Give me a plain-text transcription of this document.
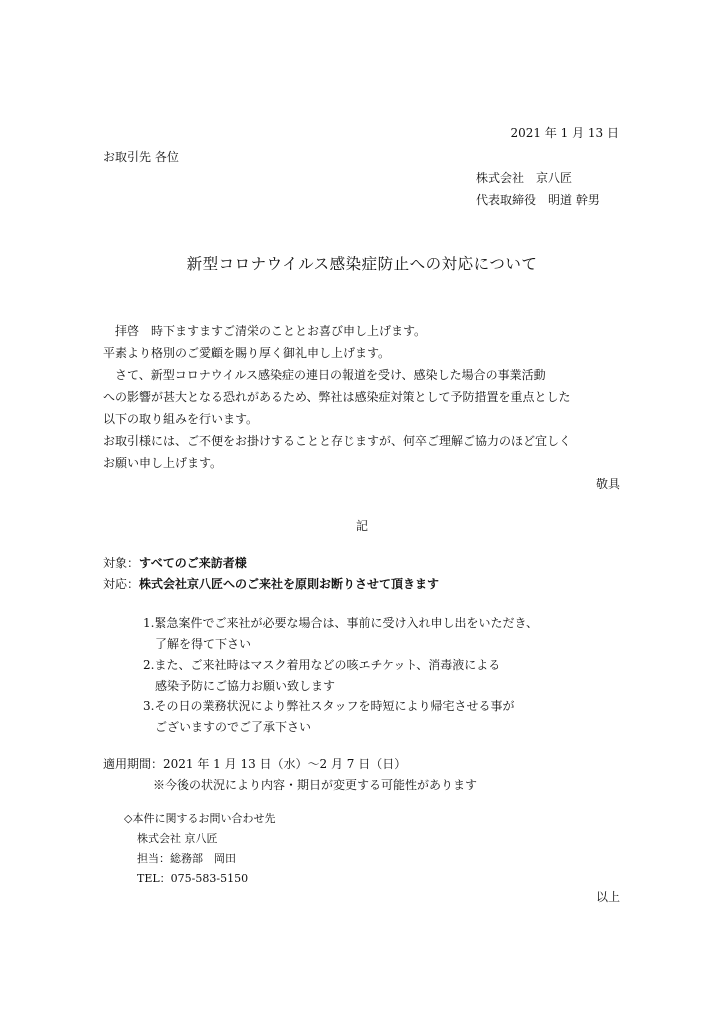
2021 年 1 月 13 日
お取引先 各位
株式会社　京八匠
代表取締役　明道 幹男
新型コロナウイルス感染症防止への対応について
　拝啓　時下ますますご清栄のこととお喜び申し上げます。
平素より格別のご愛顧を賜り厚く御礼申し上げます。
　さて、新型コロナウイルス感染症の連日の報道を受け、感染した場合の事業活動
への影響が甚大となる恐れがあるため、弊社は感染症対策として予防措置を重点とした
以下の取り組みを行います。
お取引様には、ご不便をお掛けすることと存じますが、何卒ご理解ご協力のほど宜しく
お願い申し上げます。
敬具
記
対象：すべてのご来訪者様
対応：株式会社京八匠へのご来社を原則お断りさせて頂きます
1.緊急案件でご来社が必要な場合は、事前に受け入れ申し出をいただき、
了解を得て下さい
2.また、ご来社時はマスク着用などの咳エチケット、消毒液による
感染予防にご協力お願い致します
3.その日の業務状況により弊社スタッフを時短により帰宅させる事が
ございますのでご了承下さい
適用期間：2021 年 1 月 13 日（水）〜2 月 7 日（日）
※今後の状況により内容・期日が変更する可能性があります
◇本件に関するお問い合わせ先
株式会社 京八匠
担当：総務部　岡田
TEL：075-583-5150
以上
